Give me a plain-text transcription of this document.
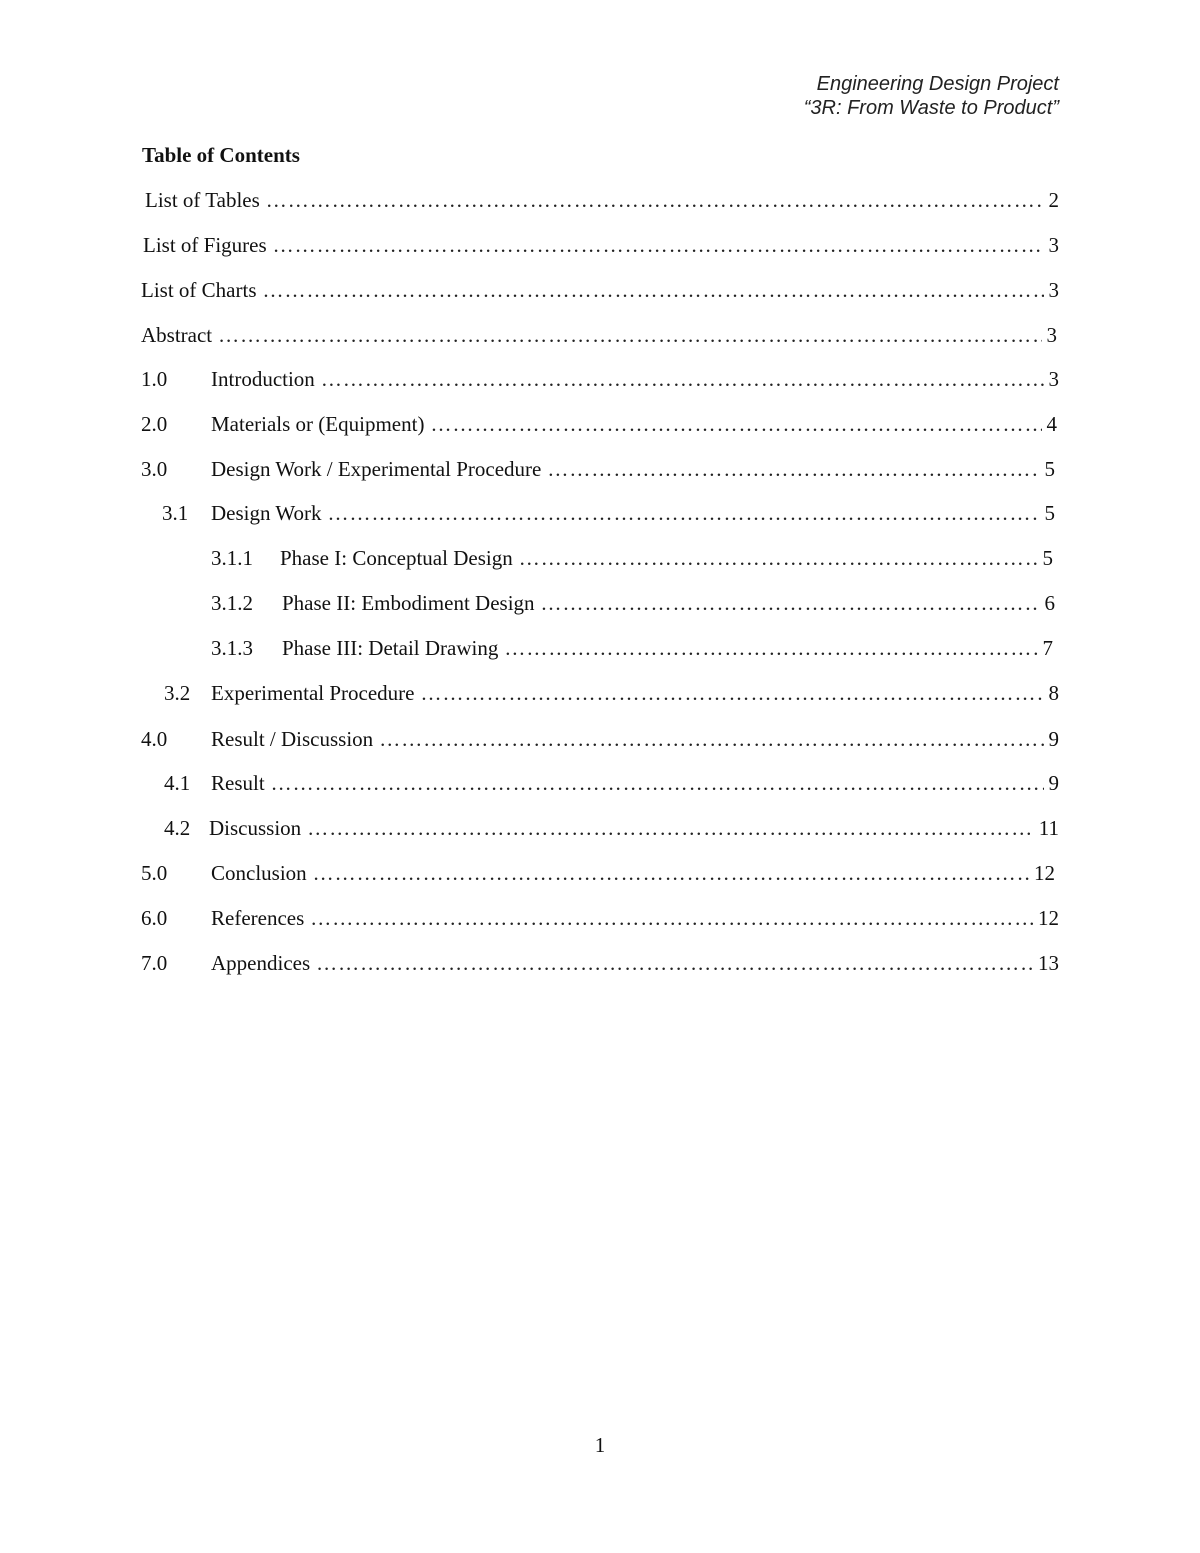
Engineering Design Project
“3R: From Waste to Product”
Table of Contents
List of Tables ………………………………………………………………………………………………………………………………………………………………………………………………………	2
List of Figures ………………………………………………………………………………………………………………………………………………………………………………………………………	3
List of Charts ………………………………………………………………………………………………………………………………………………………………………………………………………	3
Abstract ………………………………………………………………………………………………………………………………………………………………………………………………………	3
1.0	Introduction ………………………………………………………………………………………………………………………………………………………………………………………………………	3
2.0	Materials or (Equipment) ………………………………………………………………………………………………………………………………………………………………………………………………………	4
3.0	Design Work / Experimental Procedure ………………………………………………………………………………………………………………………………………………………………………………………………………	5
3.1	Design Work ………………………………………………………………………………………………………………………………………………………………………………………………………	5
3.1.1	Phase I: Conceptual Design ………………………………………………………………………………………………………………………………………………………………………………………………………	5
3.1.2	Phase II: Embodiment Design ………………………………………………………………………………………………………………………………………………………………………………………………………	6
3.1.3	Phase III: Detail Drawing ………………………………………………………………………………………………………………………………………………………………………………………………………	7
3.2 Experimental Procedure ………………………………………………………………………………………………………………………………………………………………………………………………………	8
4.0	Result / Discussion ………………………………………………………………………………………………………………………………………………………………………………………………………	9
4.1 Result ………………………………………………………………………………………………………………………………………………………………………………………………………	9
4.2 Discussion ………………………………………………………………………………………………………………………………………………………………………………………………………	11
5.0	Conclusion ………………………………………………………………………………………………………………………………………………………………………………………………………	12
6.0	References ………………………………………………………………………………………………………………………………………………………………………………………………………	12
7.0	Appendices ………………………………………………………………………………………………………………………………………………………………………………………………………	13
1
